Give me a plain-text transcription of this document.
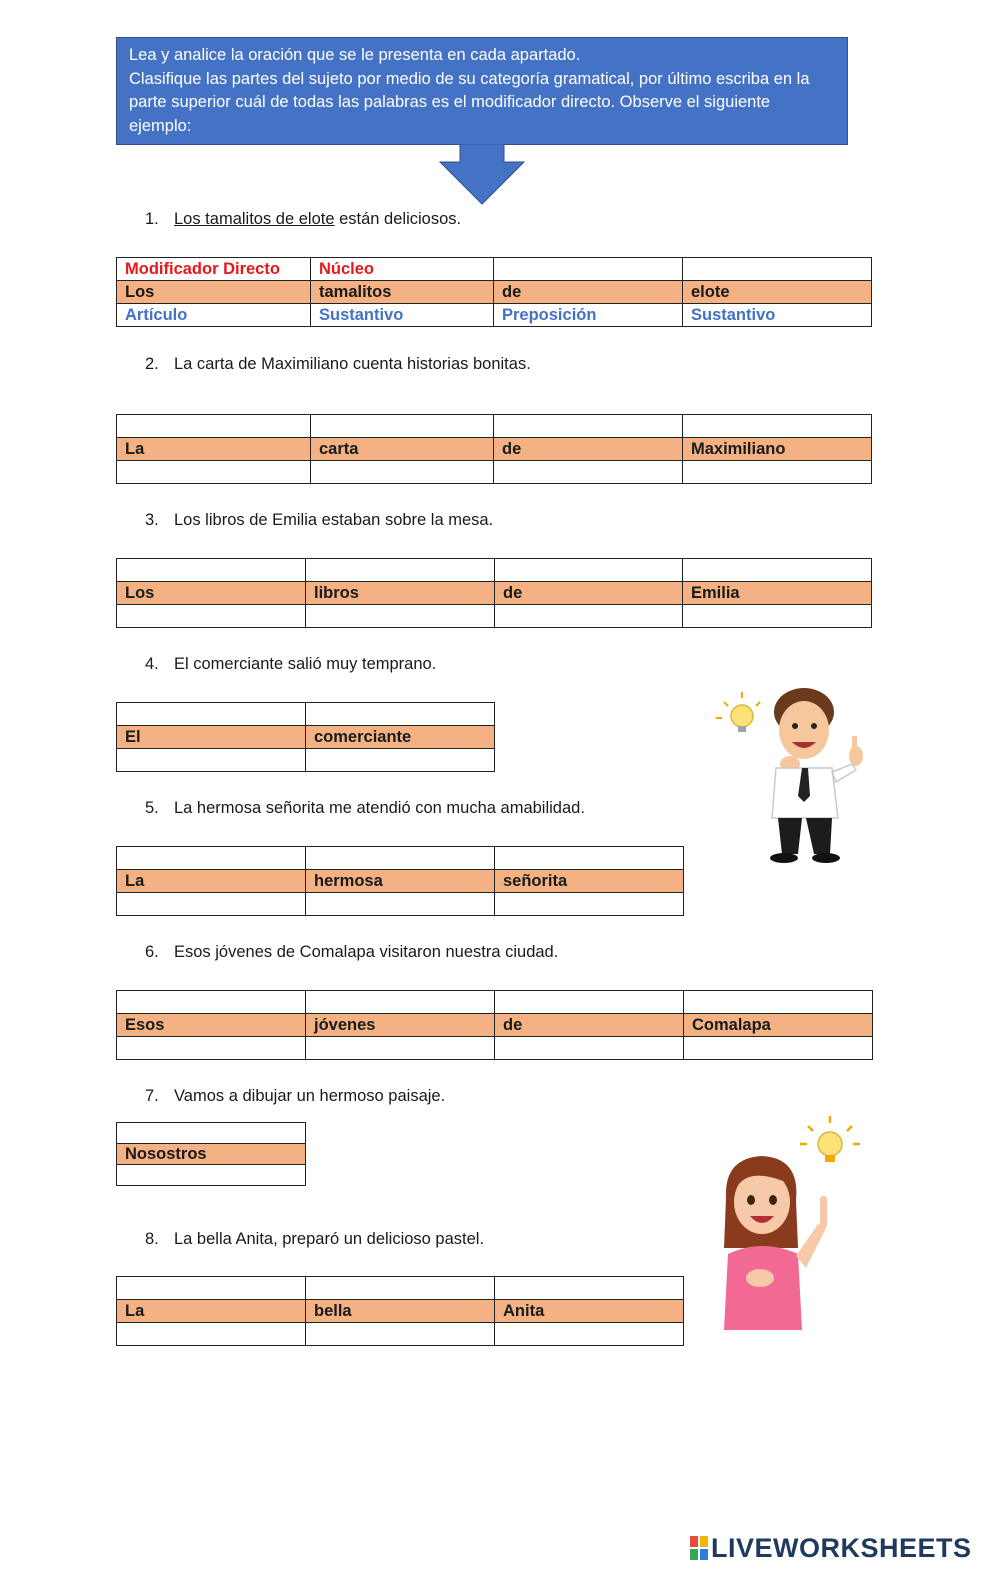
Lea y analice la oración que se le presenta en cada apartado.

Clasifique las partes del sujeto por medio de su categoría gramatical, por último escriba en la parte superior cuál de todas las palabras es el modificador directo. Observe el siguiente ejemplo:

1. Los tamalitos de elote están deliciosos.
Modificador Directo	Núcleo		
Los	tamalitos	de	elote
Artículo	Sustantivo	Preposición	Sustantivo
2. La carta de Maximiliano cuenta historias bonitas.

La	carta	de	Maximiliano

3. Los libros de Emilia estaban sobre la mesa.

Los	libros	de	Emilia

4. El comerciante salió muy temprano.

El	comerciante

5. La hermosa señorita me atendió con mucha amabilidad.

La	hermosa	señorita

6. Esos jóvenes de Comalapa visitaron nuestra ciudad.

Esos	jóvenes	de	Comalapa

7. Vamos a dibujar un hermoso paisaje.

Nosostros

8. La bella Anita, preparó un delicioso pastel.

La	bella	Anita

LIVEWORKSHEETS
